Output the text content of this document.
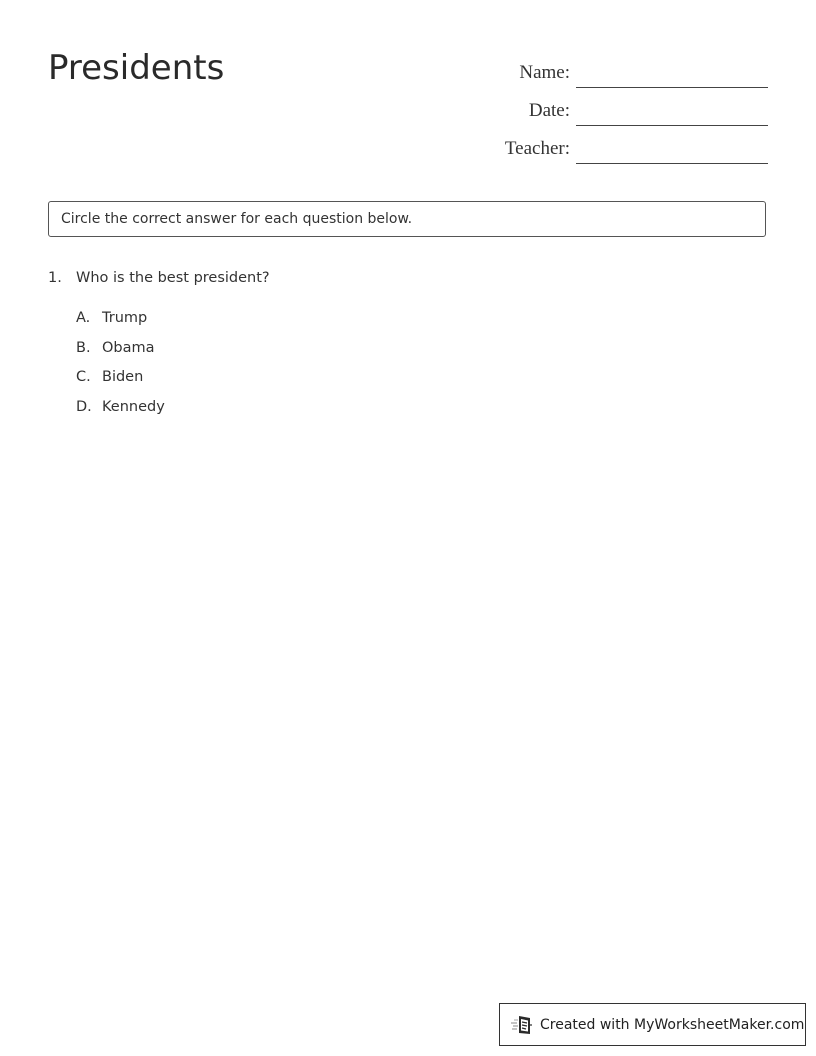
Presidents	Name:
Date:
Teacher:
Circle the correct answer for each question below.
1. Who is the best president?
A. Trump
B. Obama
C. Biden
D. Kennedy
Created with MyWorksheetMaker.com
